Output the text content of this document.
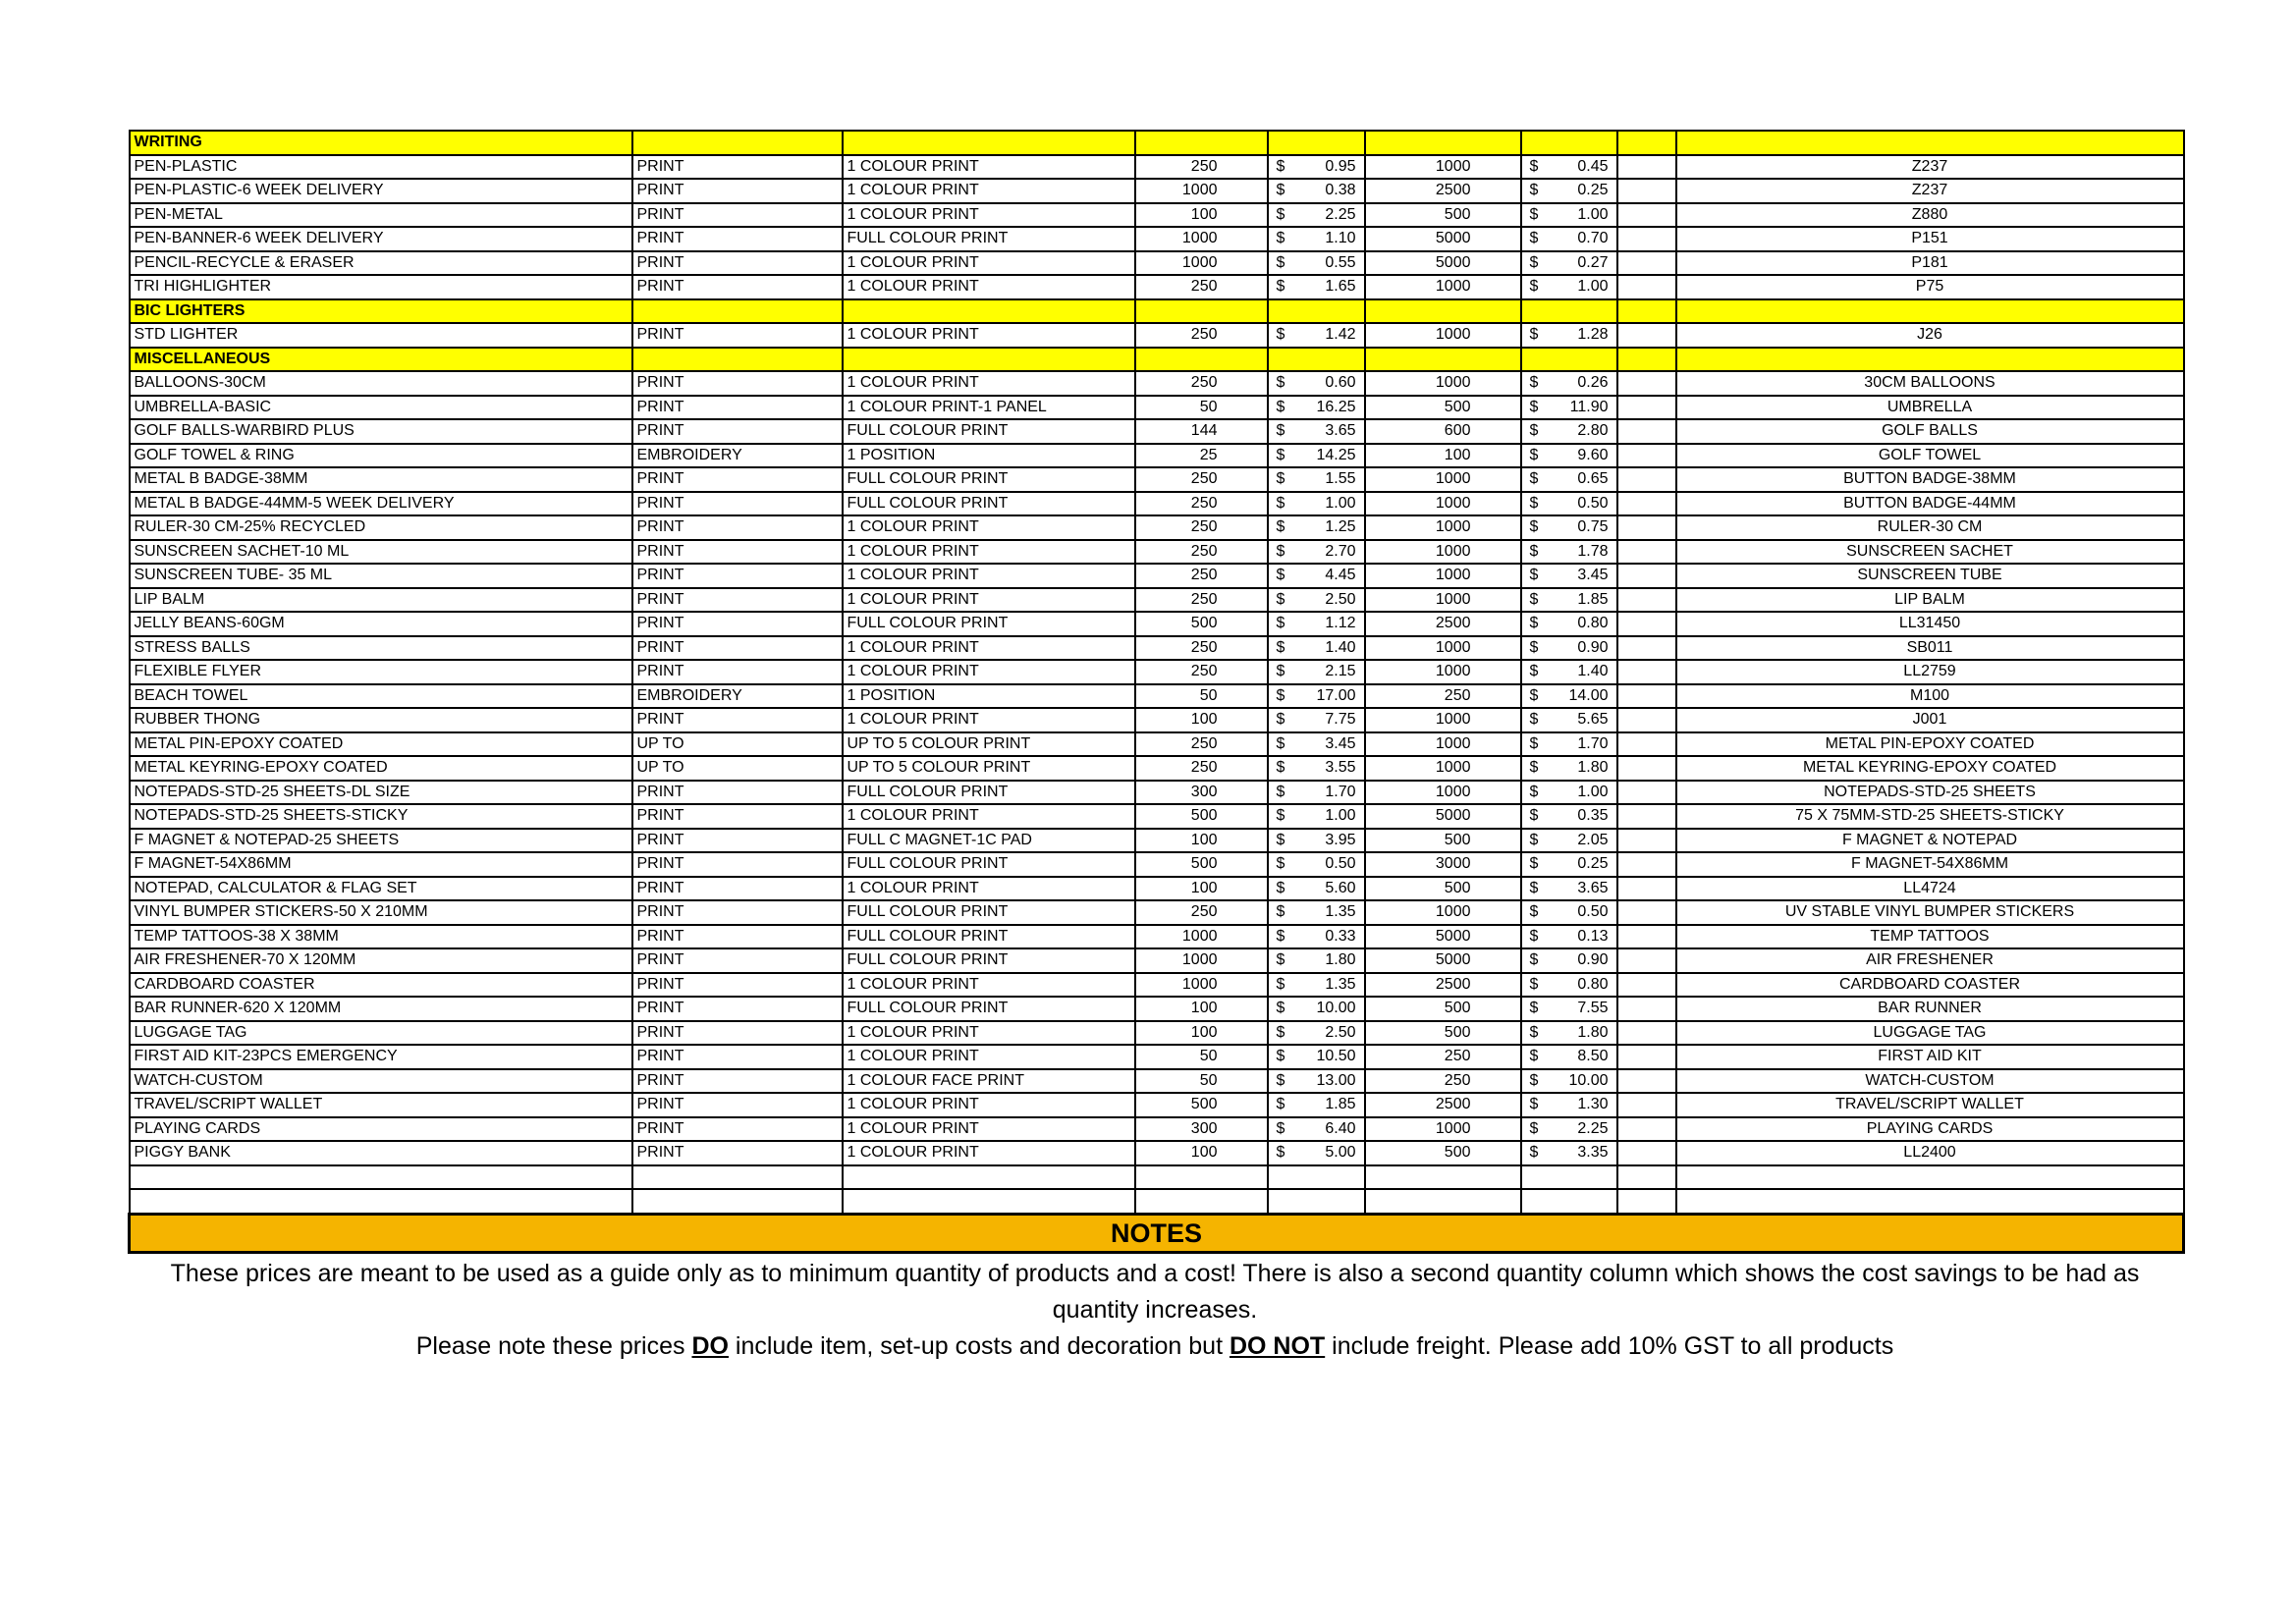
WRITING								
PEN-PLASTIC	PRINT	1 COLOUR PRINT	250	$ 0.95	1000	$ 0.45		Z237
PEN-PLASTIC-6 WEEK DELIVERY	PRINT	1 COLOUR PRINT	1000	$ 0.38	2500	$ 0.25		Z237
PEN-METAL	PRINT	1 COLOUR PRINT	100	$ 2.25	500	$ 1.00		Z880
PEN-BANNER-6 WEEK DELIVERY	PRINT	FULL COLOUR PRINT	1000	$ 1.10	5000	$ 0.70		P151
PENCIL-RECYCLE & ERASER	PRINT	1 COLOUR PRINT	1000	$ 0.55	5000	$ 0.27		P181
TRI HIGHLIGHTER	PRINT	1 COLOUR PRINT	250	$ 1.65	1000	$ 1.00		P75
BIC LIGHTERS								
STD LIGHTER	PRINT	1 COLOUR PRINT	250	$ 1.42	1000	$ 1.28		J26
MISCELLANEOUS								
BALLOONS-30CM	PRINT	1 COLOUR PRINT	250	$ 0.60	1000	$ 0.26		30CM BALLOONS
UMBRELLA-BASIC	PRINT	1 COLOUR PRINT-1 PANEL	50	$ 16.25	500	$ 11.90		UMBRELLA
GOLF BALLS-WARBIRD PLUS	PRINT	FULL COLOUR PRINT	144	$ 3.65	600	$ 2.80		GOLF BALLS
GOLF TOWEL & RING	EMBROIDERY	1 POSITION	25	$ 14.25	100	$ 9.60		GOLF TOWEL
METAL B BADGE-38MM	PRINT	FULL COLOUR PRINT	250	$ 1.55	1000	$ 0.65		BUTTON BADGE-38MM
METAL B BADGE-44MM-5 WEEK DELIVERY	PRINT	FULL COLOUR PRINT	250	$ 1.00	1000	$ 0.50		BUTTON BADGE-44MM
RULER-30 CM-25% RECYCLED	PRINT	1 COLOUR PRINT	250	$ 1.25	1000	$ 0.75		RULER-30 CM
SUNSCREEN SACHET-10 ML	PRINT	1 COLOUR PRINT	250	$ 2.70	1000	$ 1.78		SUNSCREEN SACHET
SUNSCREEN TUBE- 35 ML	PRINT	1 COLOUR PRINT	250	$ 4.45	1000	$ 3.45		SUNSCREEN TUBE
LIP BALM	PRINT	1 COLOUR PRINT	250	$ 2.50	1000	$ 1.85		LIP BALM
JELLY BEANS-60GM	PRINT	FULL COLOUR PRINT	500	$ 1.12	2500	$ 0.80		LL31450
STRESS BALLS	PRINT	1 COLOUR PRINT	250	$ 1.40	1000	$ 0.90		SB011
FLEXIBLE FLYER	PRINT	1 COLOUR PRINT	250	$ 2.15	1000	$ 1.40		LL2759
BEACH TOWEL	EMBROIDERY	1 POSITION	50	$ 17.00	250	$ 14.00		M100
RUBBER THONG	PRINT	1 COLOUR PRINT	100	$ 7.75	1000	$ 5.65		J001
METAL PIN-EPOXY COATED	UP TO	UP TO 5 COLOUR PRINT	250	$ 3.45	1000	$ 1.70		METAL PIN-EPOXY COATED
METAL KEYRING-EPOXY COATED	UP TO	UP TO 5 COLOUR PRINT	250	$ 3.55	1000	$ 1.80		METAL KEYRING-EPOXY COATED
NOTEPADS-STD-25 SHEETS-DL SIZE	PRINT	FULL COLOUR PRINT	300	$ 1.70	1000	$ 1.00		NOTEPADS-STD-25 SHEETS
NOTEPADS-STD-25 SHEETS-STICKY	PRINT	1 COLOUR PRINT	500	$ 1.00	5000	$ 0.35		75 X 75MM-STD-25 SHEETS-STICKY
F MAGNET & NOTEPAD-25 SHEETS	PRINT	FULL C MAGNET-1C PAD	100	$ 3.95	500	$ 2.05		F MAGNET & NOTEPAD
F MAGNET-54X86MM	PRINT	FULL COLOUR PRINT	500	$ 0.50	3000	$ 0.25		F MAGNET-54X86MM
NOTEPAD, CALCULATOR & FLAG SET	PRINT	1 COLOUR PRINT	100	$ 5.60	500	$ 3.65		LL4724
VINYL BUMPER STICKERS-50 X 210MM	PRINT	FULL COLOUR PRINT	250	$ 1.35	1000	$ 0.50		UV STABLE VINYL BUMPER STICKERS
TEMP TATTOOS-38 X 38MM	PRINT	FULL COLOUR PRINT	1000	$ 0.33	5000	$ 0.13		TEMP TATTOOS
AIR FRESHENER-70 X 120MM	PRINT	FULL COLOUR PRINT	1000	$ 1.80	5000	$ 0.90		AIR FRESHENER
CARDBOARD COASTER	PRINT	1 COLOUR PRINT	1000	$ 1.35	2500	$ 0.80		CARDBOARD COASTER
BAR RUNNER-620 X 120MM	PRINT	FULL COLOUR PRINT	100	$ 10.00	500	$ 7.55		BAR RUNNER
LUGGAGE TAG	PRINT	1 COLOUR PRINT	100	$ 2.50	500	$ 1.80		LUGGAGE TAG
FIRST AID KIT-23PCS EMERGENCY	PRINT	1 COLOUR PRINT	50	$ 10.50	250	$ 8.50		FIRST AID KIT
WATCH-CUSTOM	PRINT	1 COLOUR FACE PRINT	50	$ 13.00	250	$ 10.00		WATCH-CUSTOM
TRAVEL/SCRIPT WALLET	PRINT	1 COLOUR PRINT	500	$ 1.85	2500	$ 1.30		TRAVEL/SCRIPT WALLET
PLAYING CARDS	PRINT	1 COLOUR PRINT	300	$ 6.40	1000	$ 2.25		PLAYING CARDS
PIGGY BANK	PRINT	1 COLOUR PRINT	100	$ 5.00	500	$ 3.35		LL2400

NOTES								
These prices are meant to be used as a guide only as to minimum quantity of products and a cost! There is also a second quantity column which shows the cost savings to be had as quantity increases.
Please note these prices DO include item, set-up costs and decoration but DO NOT include freight. Please add 10% GST to all products
